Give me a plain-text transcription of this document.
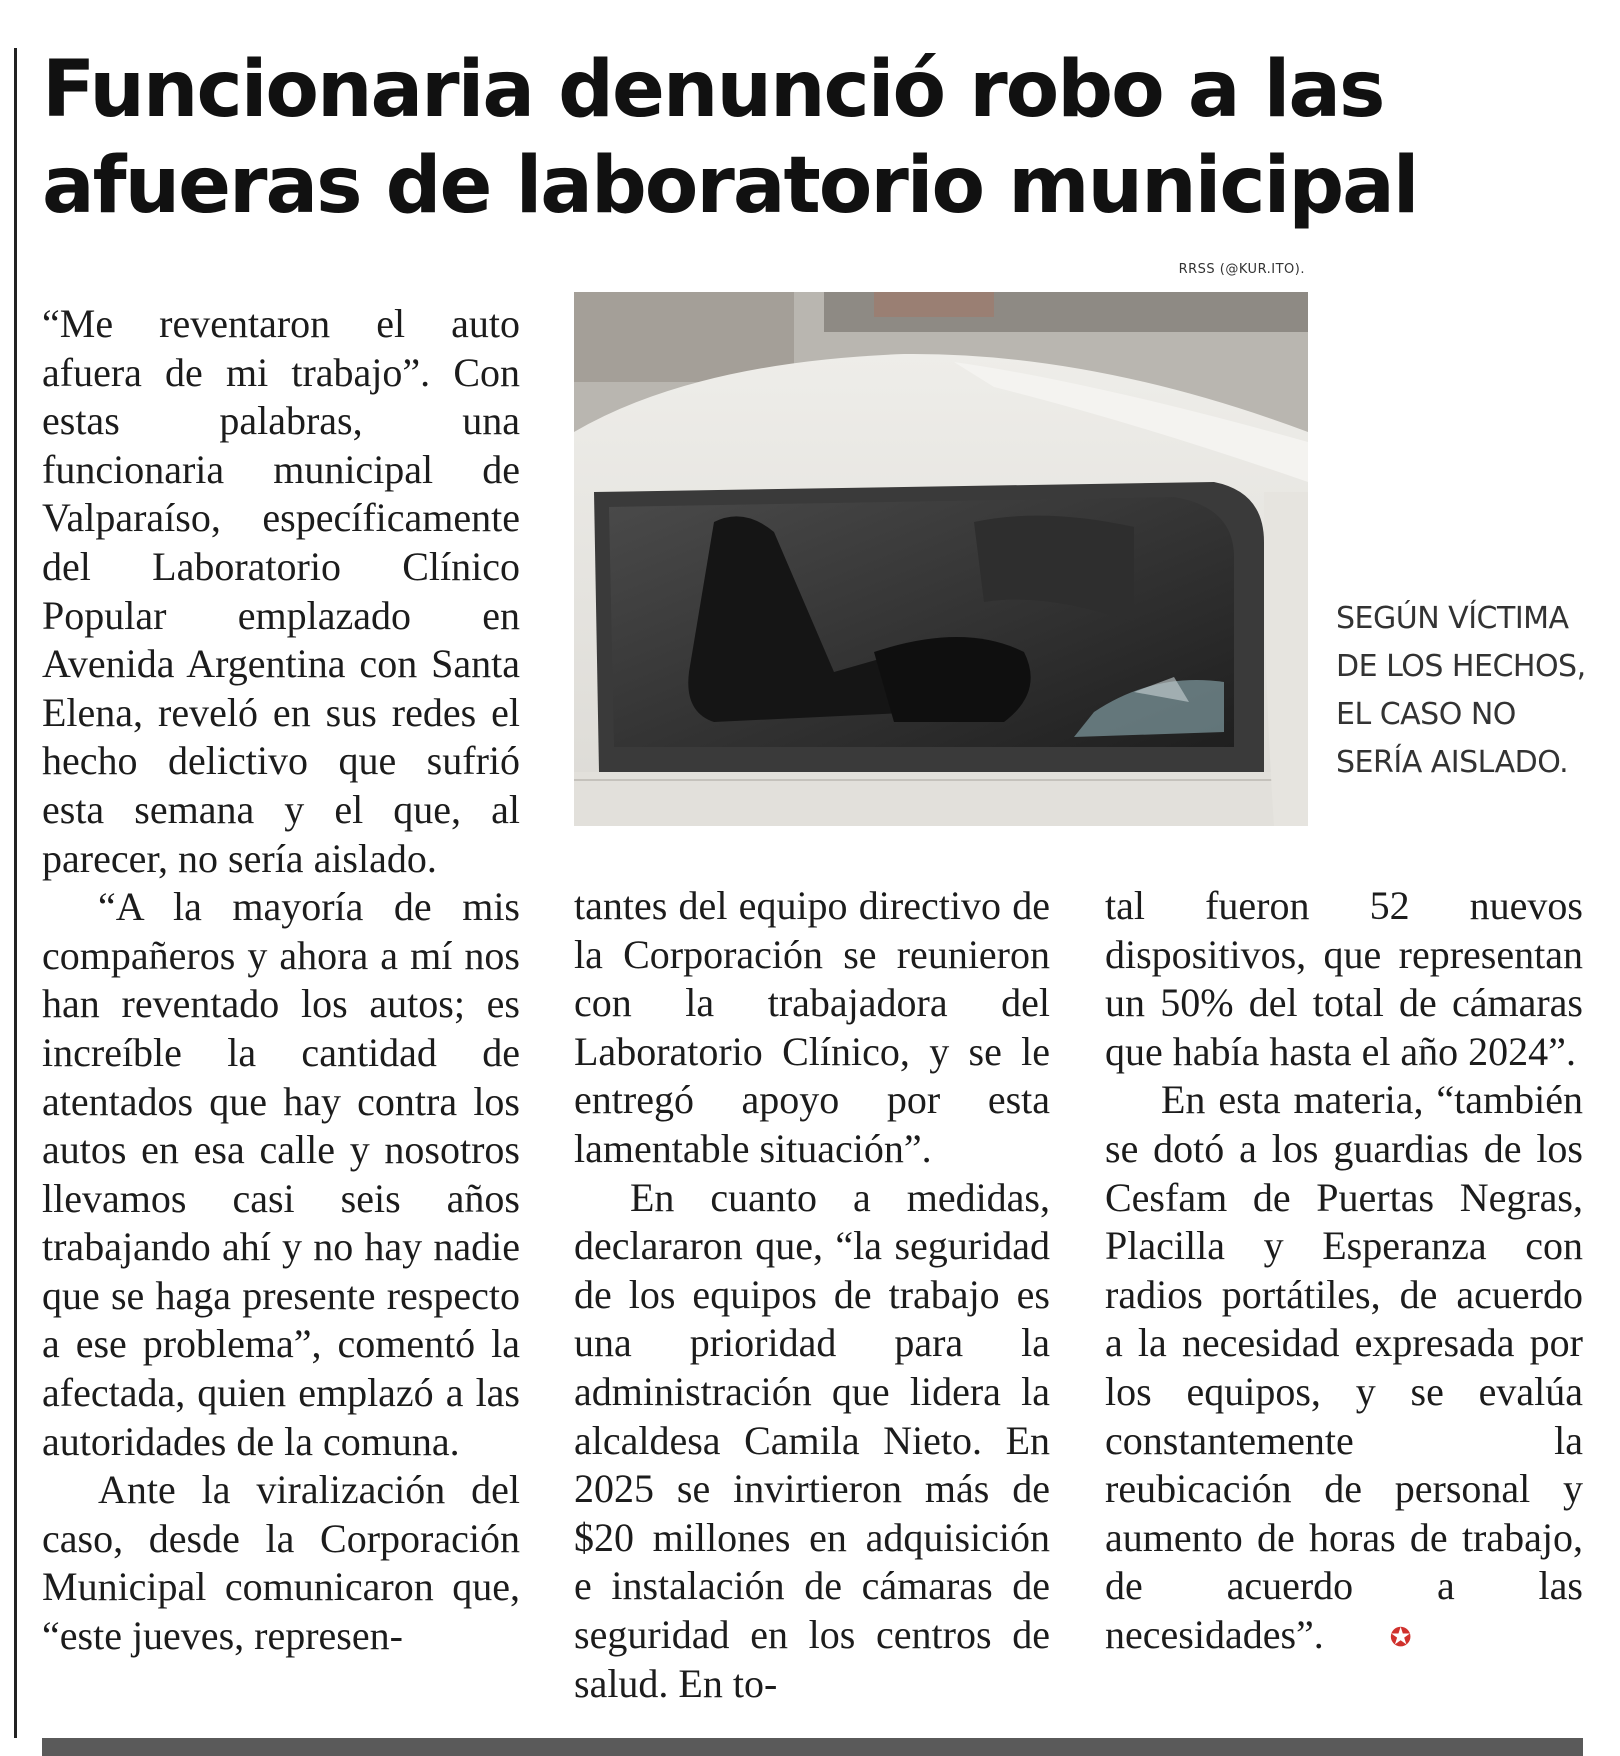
Funcionaria denunció robo a las afueras de laboratorio municipal
RRSS (@KUR.ITO).
SEGÚN VÍCTIMA DE LOS HECHOS, EL CASO NO SERÍA AISLADO.

“Me reventaron el auto afuera de mi trabajo”. Con estas palabras, una funcionaria municipal de Valparaíso, específicamente del Laboratorio Clínico Popular emplazado en Avenida Argentina con Santa Elena, reveló en sus redes el hecho delictivo que sufrió esta semana y el que, al parecer, no sería aislado.

“A la mayoría de mis compañeros y ahora a mí nos han reventado los autos; es increíble la cantidad de atentados que hay contra los autos en esa calle y nosotros llevamos casi seis años trabajando ahí y no hay nadie que se haga presente respecto a ese problema”, comentó la afectada, quien emplazó a las autoridades de la comuna.

Ante la viralización del caso, desde la Corporación Municipal comunicaron que, “este jueves, represen-

tantes del equipo directivo de la Corporación se reunieron con la trabajadora del Laboratorio Clínico, y se le entregó apoyo por esta lamentable situación”.

En cuanto a medidas, declararon que, “la seguridad de los equipos de trabajo es una prioridad para la administración que lidera la alcaldesa Camila Nieto. En 2025 se invirtieron más de $20 millones en adquisición e instalación de cámaras de seguridad en los centros de salud. En to-

tal fueron 52 nuevos dispositivos, que representan un 50% del total de cámaras que había hasta el año 2024”.

En esta materia, “también se dotó a los guardias de los Cesfam de Puertas Negras, Placilla y Esperanza con radios portátiles, de acuerdo a la necesidad expresada por los equipos, y se evalúa constantemente la reubicación de personal y aumento de horas de trabajo, de acuerdo a las necesidades”.	✪
